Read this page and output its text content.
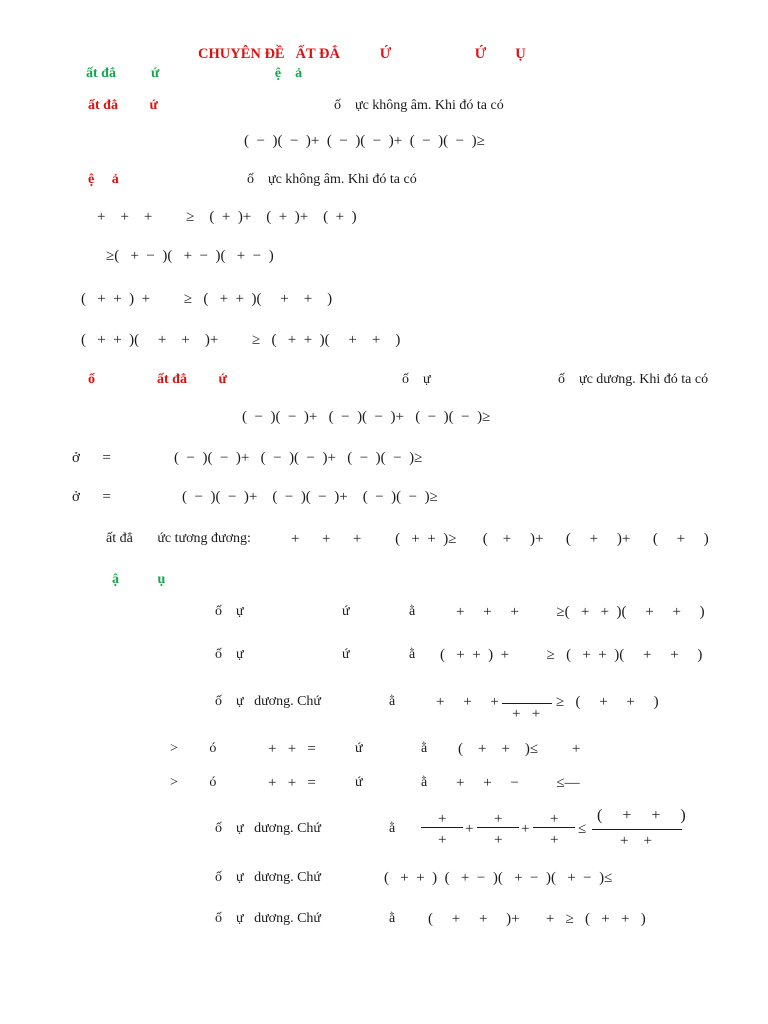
CHUYÊN ĐỀ   ẤT ĐẲ           Ứ                       Ứ        Ụ
ất đẳ          ứ                                 ệ    ả
ất đẳ         ứ	ố    ực không âm. Khi đó ta có
(  −  )(  −  )+  (  −  )(  −  )+  (  −  )(  −  )≥
ệ     ả	ố    ực không âm. Khi đó ta có
+    +    +         ≥    (  +  )+    (  +  )+    (  +  )
≥(   +  −  )(   +  −  )(   +  −  )
(   +  +  )  +         ≥   (   +  +  )(     +    +    )
(   +  +  )(     +    +    )+         ≥   (   +  +  )(     +    +    )
ổ	ất đẳ         ứ	ố    ự	ố    ực dương. Khi đó ta có
(  −  )(  −  )+   (  −  )(  −  )+   (  −  )(  −  )≥
ở      =	(  −  )(  −  )+   (  −  )(  −  )+   (  −  )(  −  )≥
ở      =	(  −  )(  −  )+    (  −  )(  −  )+    (  −  )(  −  )≥
ất đẳ       ức tương đương:	+      +      +         (   +  +  )≥       (    +     )+      (     +     )+      (     +     )
ậ           ụ
ố    ự	ứ	ằ	+     +     +          ≥(   +   +  )(     +     +     )
ố    ự	ứ	ằ (   +  +  )  +          ≥   (   +  +  )(     +     +     )
ố    ự   dương. Chứ	ằ	+     +     +
+   +
≥   (     +     +     )
>         ó	+   +   =	ứ	ằ (    +    +    )≤         +
>         ó	+   +   =	ứ	ằ +     +     −          ≤—
ố    ự   dương. Chứ	ằ
+
+
+
+
+
+
+
+
≤
(     +     +     )
+    +
ố    ự   dương. Chứ	(   +  +  )  (   +  −  )(   +  −  )(   +  −  )≤
ố    ự   dương. Chứ	ằ (     +     +     )+       +   ≥   (   +   +   )
